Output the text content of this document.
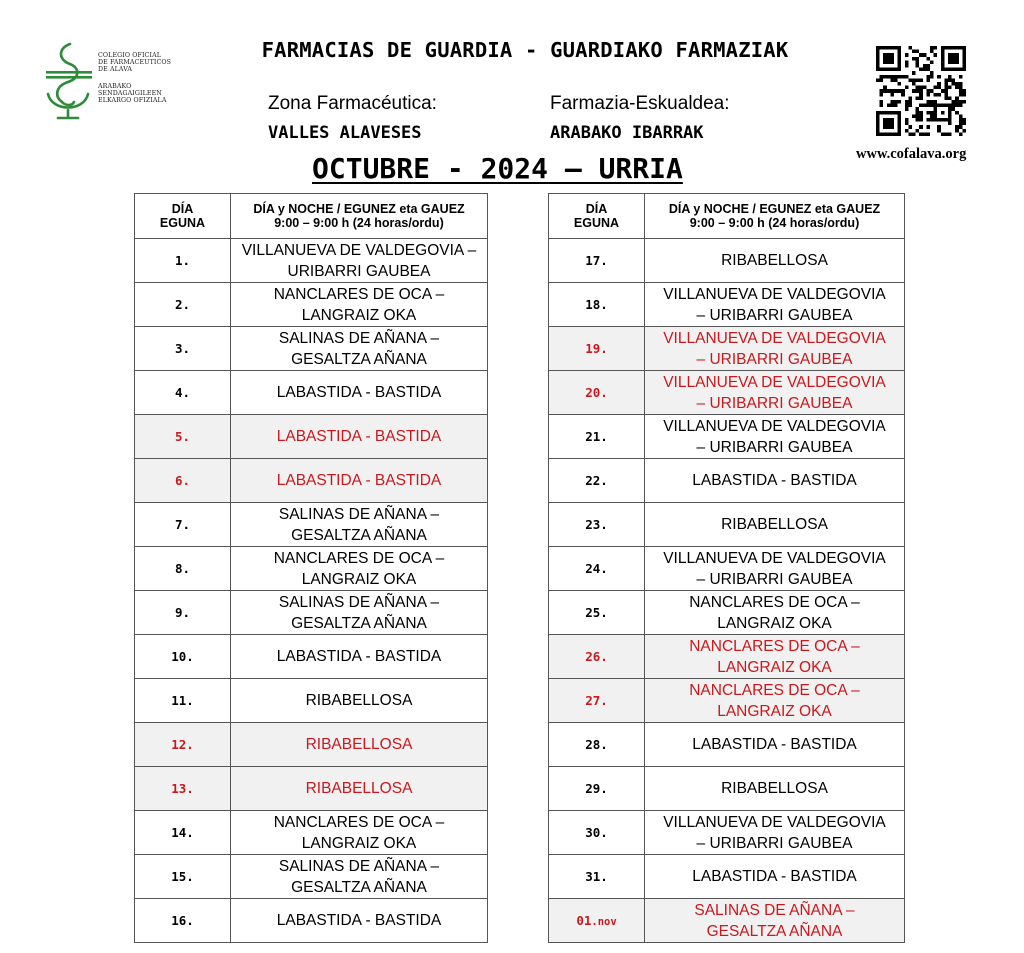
COLEGIO OFICIAL
DE FARMACEUTICOS
DE ALAVA
ARABAKO
SENDAGAIGILEEN
ELKARGO OFIZIALA
FARMACIAS DE GUARDIA - GUARDIAKO FARMAZIAK
Zona Farmacéutica:	Farmazia-Eskualdea:
VALLES ALAVESES	ARABAKO IBARRAK
www.cofalava.org
OCTUBRE - 2024 – URRIA
DÍA
EGUNA	DÍA y NOCHE / EGUNEZ eta GAUEZ
9:00 – 9:00 h (24 horas/ordu)
1.	VILLANUEVA DE VALDEGOVIA –
URIBARRI GAUBEA

2.	NANCLARES DE OCA –
LANGRAIZ OKA

3.	SALINAS DE AÑANA –
GESALTZA AÑANA

4.	LABASTIDA - BASTIDA

5.	LABASTIDA - BASTIDA

6.	LABASTIDA - BASTIDA

7.	SALINAS DE AÑANA –
GESALTZA AÑANA

8.	NANCLARES DE OCA –
LANGRAIZ OKA

9.	SALINAS DE AÑANA –
GESALTZA AÑANA

10.	LABASTIDA - BASTIDA

11.	RIBABELLOSA

12.	RIBABELLOSA

13.	RIBABELLOSA

14.	NANCLARES DE OCA –
LANGRAIZ OKA

15.	SALINAS DE AÑANA –
GESALTZA AÑANA

16.	LABASTIDA - BASTIDA
DÍA
EGUNA	DÍA y NOCHE / EGUNEZ eta GAUEZ
9:00 – 9:00 h (24 horas/ordu)
17.	RIBABELLOSA

18.	VILLANUEVA DE VALDEGOVIA
– URIBARRI GAUBEA

19.	VILLANUEVA DE VALDEGOVIA
– URIBARRI GAUBEA

20.	VILLANUEVA DE VALDEGOVIA
– URIBARRI GAUBEA

21.	VILLANUEVA DE VALDEGOVIA
– URIBARRI GAUBEA

22.	LABASTIDA - BASTIDA

23.	RIBABELLOSA

24.	VILLANUEVA DE VALDEGOVIA
– URIBARRI GAUBEA

25.	NANCLARES DE OCA –
LANGRAIZ OKA

26.	NANCLARES DE OCA –
LANGRAIZ OKA

27.	NANCLARES DE OCA –
LANGRAIZ OKA

28.	LABASTIDA - BASTIDA

29.	RIBABELLOSA

30.	VILLANUEVA DE VALDEGOVIA
– URIBARRI GAUBEA

31.	LABASTIDA - BASTIDA

01.nov	SALINAS DE AÑANA –
GESALTZA AÑANA
